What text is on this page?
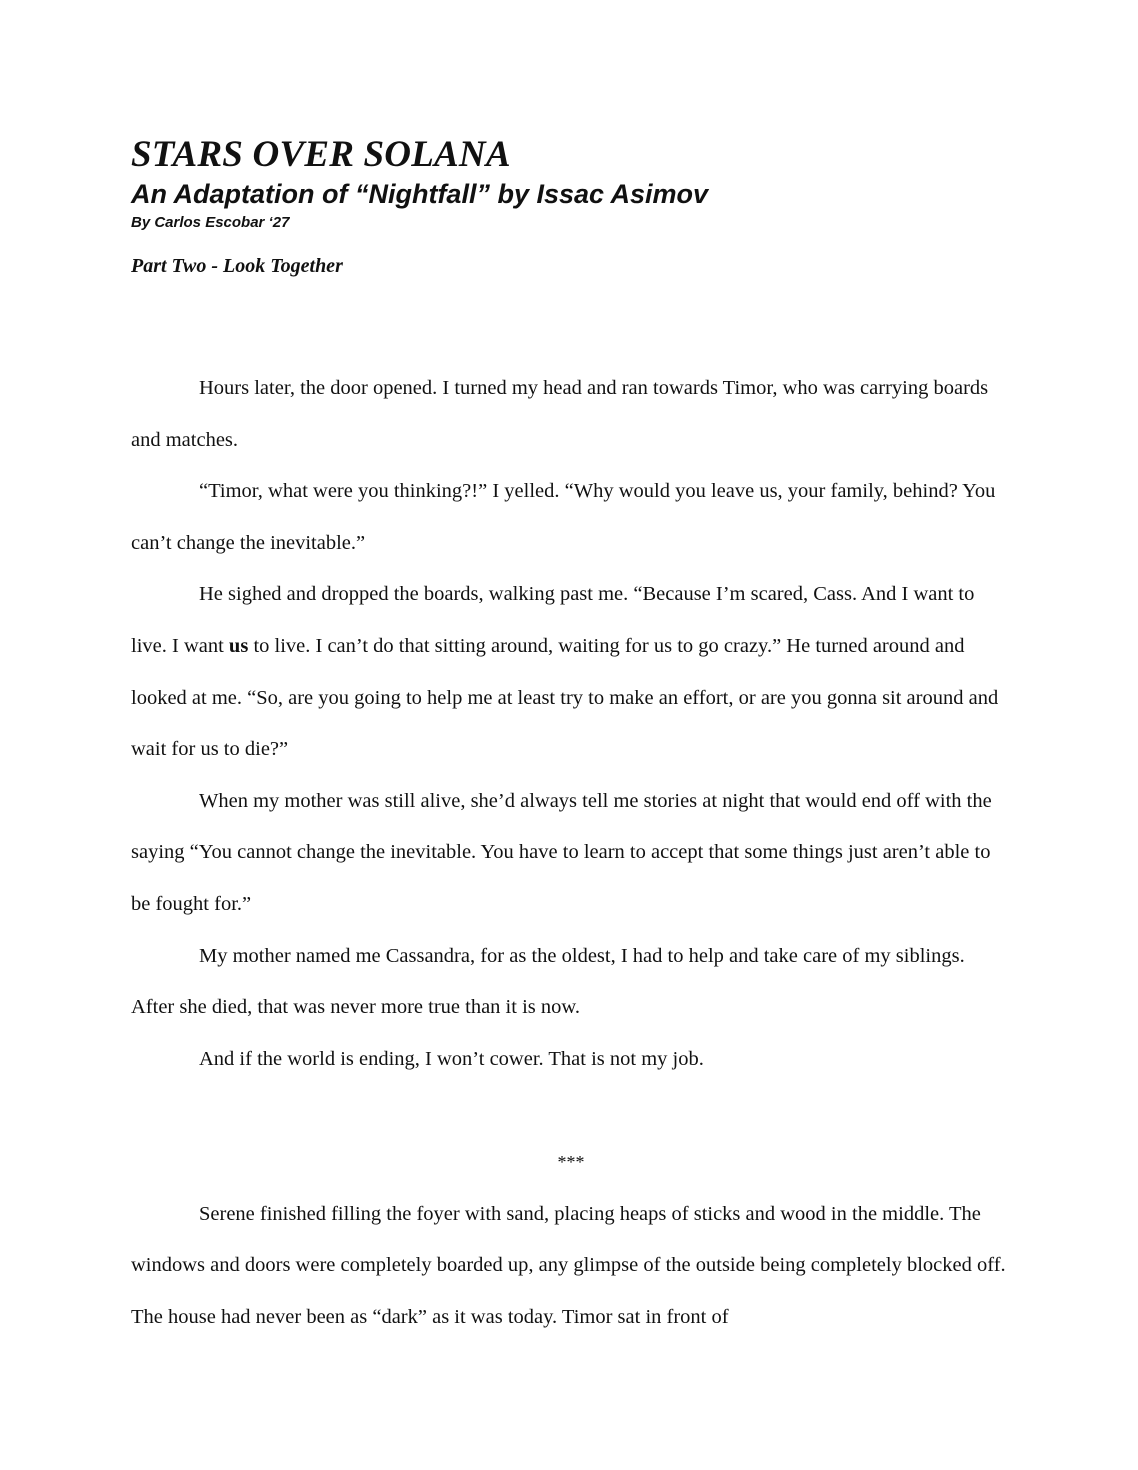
STARS OVER SOLANA
An Adaptation of “Nightfall” by Issac Asimov
By Carlos Escobar ‘27
Part Two - Look Together

Hours later, the door opened. I turned my head and ran towards Timor, who was carrying boards and matches.

“Timor, what were you thinking?!” I yelled. “Why would you leave us, your family, behind? You can’t change the inevitable.”

He sighed and dropped the boards, walking past me. “Because I’m scared, Cass. And I want to live. I want us to live. I can’t do that sitting around, waiting for us to go crazy.” He turned around and looked at me. “So, are you going to help me at least try to make an effort, or are you gonna sit around and wait for us to die?”

When my mother was still alive, she’d always tell me stories at night that would end off with the saying “You cannot change the inevitable. You have to learn to accept that some things just aren’t able to be fought for.”

My mother named me Cassandra, for as the oldest, I had to help and take care of my siblings. After she died, that was never more true than it is now.

And if the world is ending, I won’t cower. That is not my job.

***

Serene finished filling the foyer with sand, placing heaps of sticks and wood in the middle. The windows and doors were completely boarded up, any glimpse of the outside being completely blocked off. The house had never been as “dark” as it was today. Timor sat in front of
